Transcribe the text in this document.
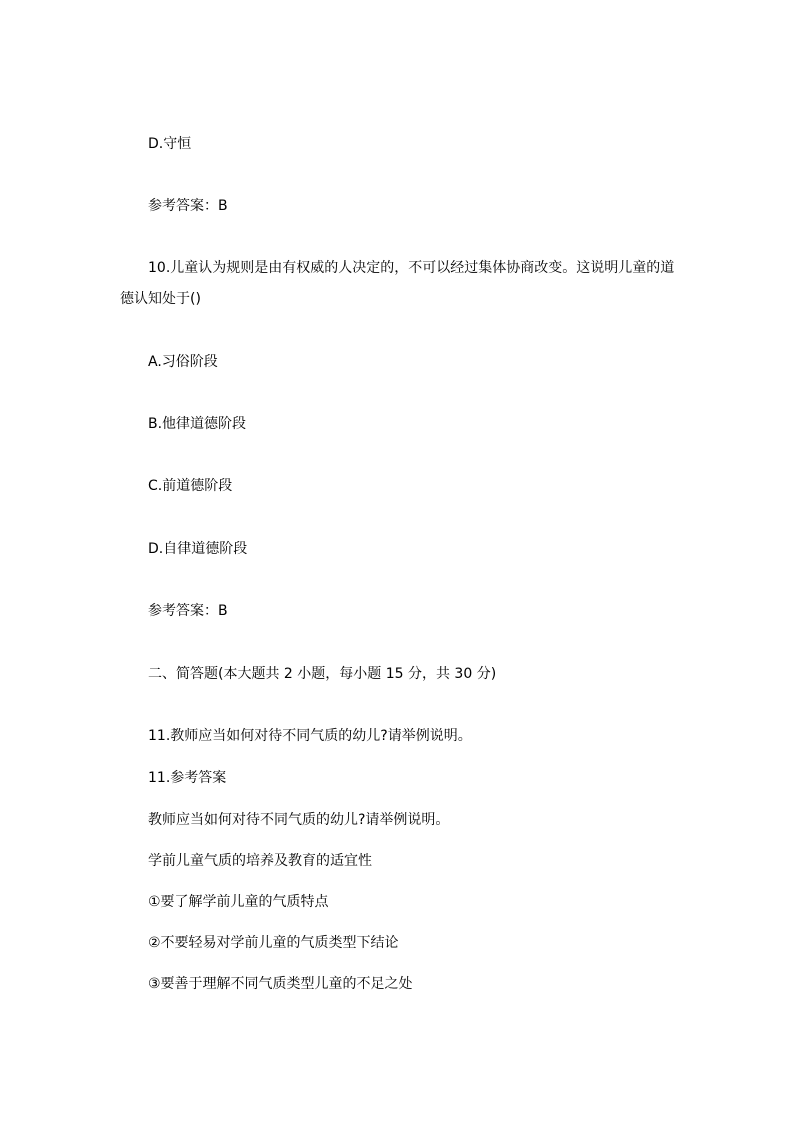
D.守恒
参考答案：B
10.儿童认为规则是由有权威的人决定的，不可以经过集体协商改变。这说明儿童的道
德认知处于()
A.习俗阶段
B.他律道德阶段
C.前道德阶段
D.自律道德阶段
参考答案：B
二、简答题(本大题共 2 小题，每小题 15 分，共 30 分)
11.教师应当如何对待不同气质的幼儿?请举例说明。
11.参考答案
教师应当如何对待不同气质的幼儿?请举例说明。
学前儿童气质的培养及教育的适宜性
①要了解学前儿童的气质特点
②不要轻易对学前儿童的气质类型下结论
③要善于理解不同气质类型儿童的不足之处
